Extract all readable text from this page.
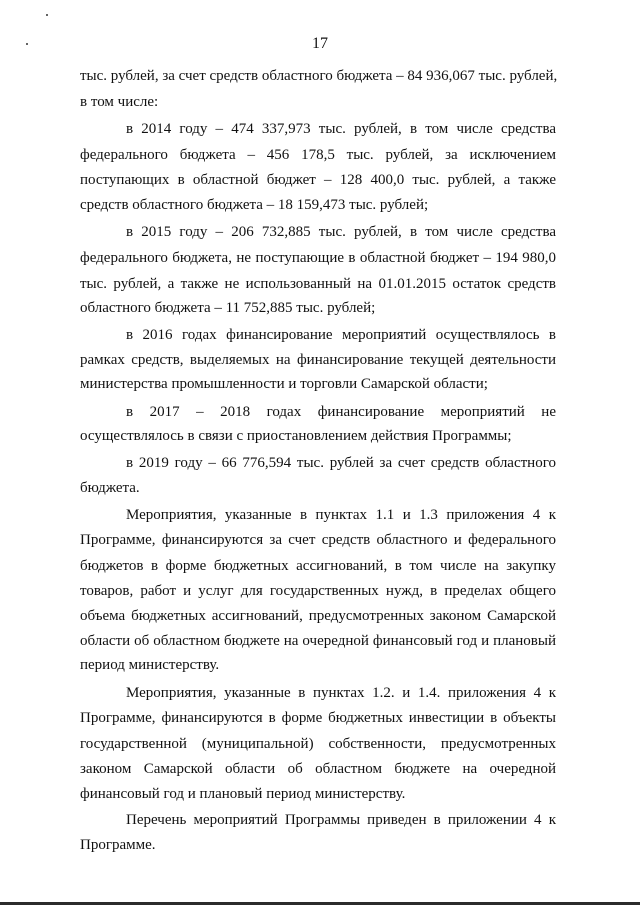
17
тыс. рублей, за счет средств областного бюджета – 84 936,067 тыс. рублей,
в том числе:
в 2014 году – 474 337,973 тыс. рублей, в том числе средства
федерального бюджета – 456 178,5 тыс. рублей, за исключением
поступающих в областной бюджет – 128 400,0 тыс. рублей, а также
средств областного бюджета – 18 159,473 тыс. рублей;
в 2015 году – 206 732,885 тыс. рублей, в том числе средства
федерального бюджета, не поступающие в областной бюджет – 194 980,0
тыс. рублей, а также не использованный на 01.01.2015 остаток средств
областного бюджета – 11 752,885 тыс. рублей;
в 2016 годах финансирование мероприятий осуществлялось в
рамках средств, выделяемых на финансирование текущей деятельности
министерства промышленности и торговли Самарской области;
в 2017 – 2018 годах финансирование мероприятий не
осуществлялось в связи с приостановлением действия Программы;
в 2019 году – 66 776,594 тыс. рублей за счет средств областного
бюджета.
Мероприятия, указанные в пунктах 1.1 и 1.3 приложения 4 к
Программе, финансируются за счет средств областного и федерального
бюджетов в форме бюджетных ассигнований, в том числе на закупку
товаров, работ и услуг для государственных нужд, в пределах общего
объема бюджетных ассигнований, предусмотренных законом Самарской
области об областном бюджете на очередной финансовый год и плановый
период министерству.
Мероприятия, указанные в пунктах 1.2. и 1.4. приложения 4 к
Программе, финансируются в форме бюджетных инвестиции в объекты
государственной (муниципальной) собственности, предусмотренных
законом Самарской области об областном бюджете на очередной
финансовый год и плановый период министерству.
Перечень мероприятий Программы приведен в приложении 4 к
Программе.
